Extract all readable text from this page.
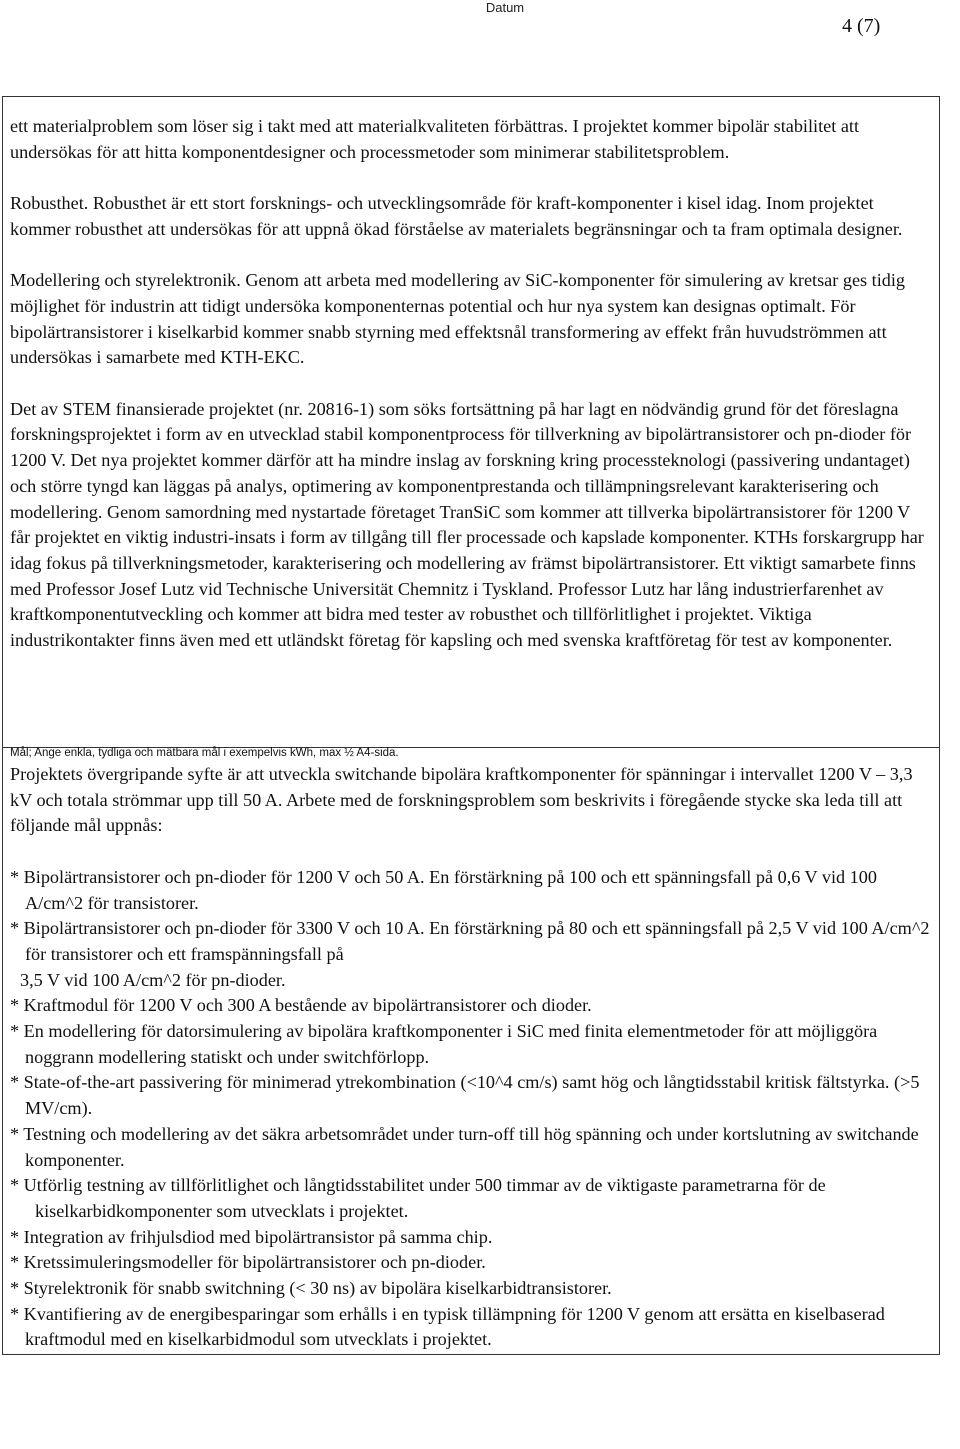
Datum
4 (7)

ett materialproblem som löser sig i takt med att materialkvaliteten förbättras. I projektet kommer bipolär stabilitet att undersökas för att hitta komponentdesigner och processmetoder som minimerar stabilitetsproblem.

Robusthet. Robusthet är ett stort forsknings- och utvecklingsområde för kraft-komponenter i kisel idag. Inom projektet kommer robusthet att undersökas för att uppnå ökad förståelse av materialets begränsningar och ta fram optimala designer.

Modellering och styrelektronik. Genom att arbeta med modellering av SiC-komponenter för simulering av kretsar ges tidig möjlighet för industrin att tidigt undersöka komponenternas potential och hur nya system kan designas optimalt. För bipolärtransistorer i kiselkarbid kommer snabb styrning med effektsnål transformering av effekt från huvudströmmen att undersökas i samarbete med KTH-EKC.

Det av STEM finansierade projektet (nr. 20816-1) som söks fortsättning på har lagt en nödvändig grund för det föreslagna forskningsprojektet i form av en utvecklad stabil komponentprocess för tillverkning av bipolärtransistorer och pn-dioder för 1200 V. Det nya projektet kommer därför att ha mindre inslag av forskning kring processteknologi (passivering undantaget) och större tyngd kan läggas på analys, optimering av komponentprestanda och tillämpningsrelevant karakterisering och modellering. Genom samordning med nystartade företaget TranSiC som kommer att tillverka bipolärtransistorer för 1200 V får projektet en viktig industri-insats i form av tillgång till fler processade och kapslade komponenter. KTHs forskargrupp har idag fokus på tillverkningsmetoder, karakterisering och modellering av främst bipolärtransistorer. Ett viktigt samarbete finns med Professor Josef Lutz vid Technische Universität Chemnitz i Tyskland. Professor Lutz har lång industrierfarenhet av kraftkomponentutveckling och kommer att bidra med tester av robusthet och tillförlitlighet i projektet. Viktiga industrikontakter finns även med ett utländskt företag för kapsling och med svenska kraftföretag för test av komponenter.

Mål; Ange enkla, tydliga och mätbara mål i exempelvis kWh, max ½ A4-sida.

Projektets övergripande syfte är att utveckla switchande bipolära kraftkomponenter för spänningar i intervallet 1200 V – 3,3 kV och totala strömmar upp till 50 A. Arbete med de forskningsproblem som beskrivits i föregående stycke ska leda till att följande mål uppnås:

* Bipolärtransistorer och pn-dioder för 1200 V och 50 A. En förstärkning på 100 och ett spänningsfall på 0,6 V vid 100 A/cm^2 för transistorer.
* Bipolärtransistorer och pn-dioder för 3300 V och 10 A. En förstärkning på 80 och ett spänningsfall på 2,5 V vid 100 A/cm^2 för transistorer och ett framspänningsfall på
3,5 V vid 100 A/cm^2 för pn-dioder.
* Kraftmodul för 1200 V och 300 A bestående av bipolärtransistorer och dioder.
* En modellering för datorsimulering av bipolära kraftkomponenter i SiC med finita elementmetoder för att möjliggöra noggrann modellering statiskt och under switchförlopp.
* State-of-the-art passivering för minimerad ytrekombination (<10^4 cm/s) samt hög och långtidsstabil kritisk fältstyrka. (>5 MV/cm).
* Testning och modellering av det säkra arbetsområdet under turn-off till hög spänning och under kortslutning av switchande komponenter.
* Utförlig testning av tillförlitlighet och långtidsstabilitet under 500 timmar av de viktigaste parametrarna för de kiselkarbidkomponenter som utvecklats i projektet.
* Integration av frihjulsdiod med bipolärtransistor på samma chip.
* Kretssimuleringsmodeller för bipolärtransistorer och pn-dioder.
* Styrelektronik för snabb switchning (< 30 ns) av bipolära kiselkarbidtransistorer.
* Kvantifiering av de energibesparingar som erhålls i en typisk tillämpning för 1200 V genom att ersätta en kiselbaserad kraftmodul med en kiselkarbidmodul som utvecklats i projektet.
